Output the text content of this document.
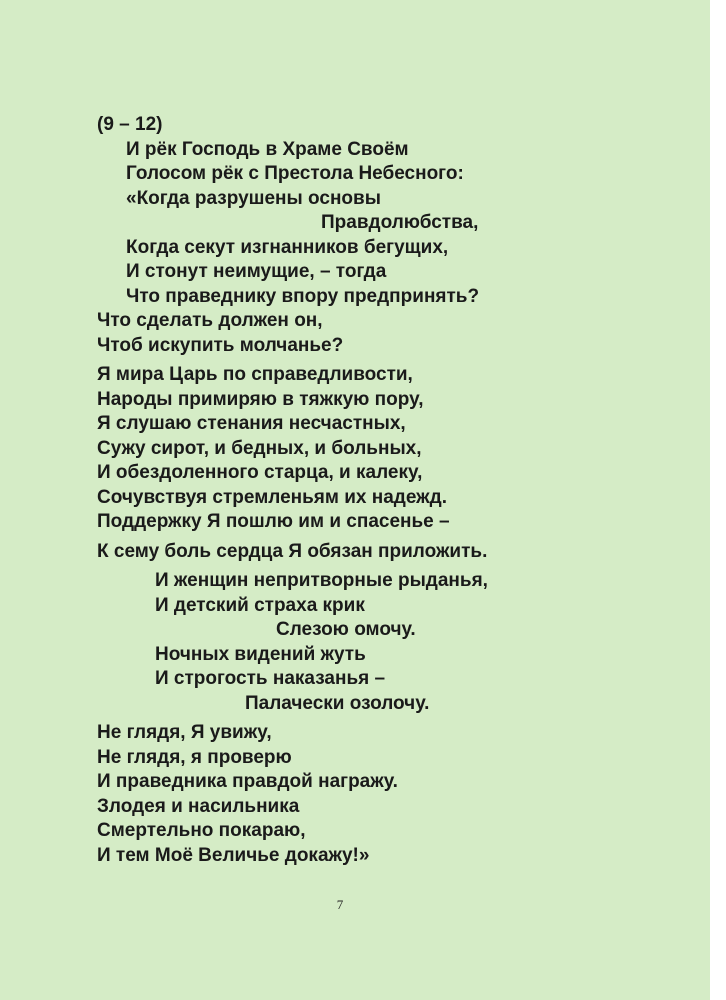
(9 – 12)
И рёк Господь в Храме Своём
Голосом рёк с Престола Небесного:
«Когда разрушены основы
Правдолюбства,
Когда секут изгнанников бегущих,
И стонут неимущие, – тогда
Что праведнику впору предпринять?
Что сделать должен он,
Чтоб искупить молчанье?
Я мира Царь по справедливости,
Народы примиряю в тяжкую пору,
Я слушаю стенания несчастных,
Сужу сирот, и бедных, и больных,
И обездоленного старца, и калеку,
Сочувствуя стремленьям их надежд.
Поддержку Я пошлю им и спасенье –
К сему боль сердца Я обязан приложить.
И женщин непритворные рыданья,
И детский страха крик
Слезою омочу.
Ночных видений жуть
И строгость наказанья –
Палачески озолочу.
Не глядя, Я увижу,
Не глядя, я проверю
И праведника правдой награжу.
Злодея и насильника
Смертельно покараю,
И тем Моё Величье докажу!»
7
